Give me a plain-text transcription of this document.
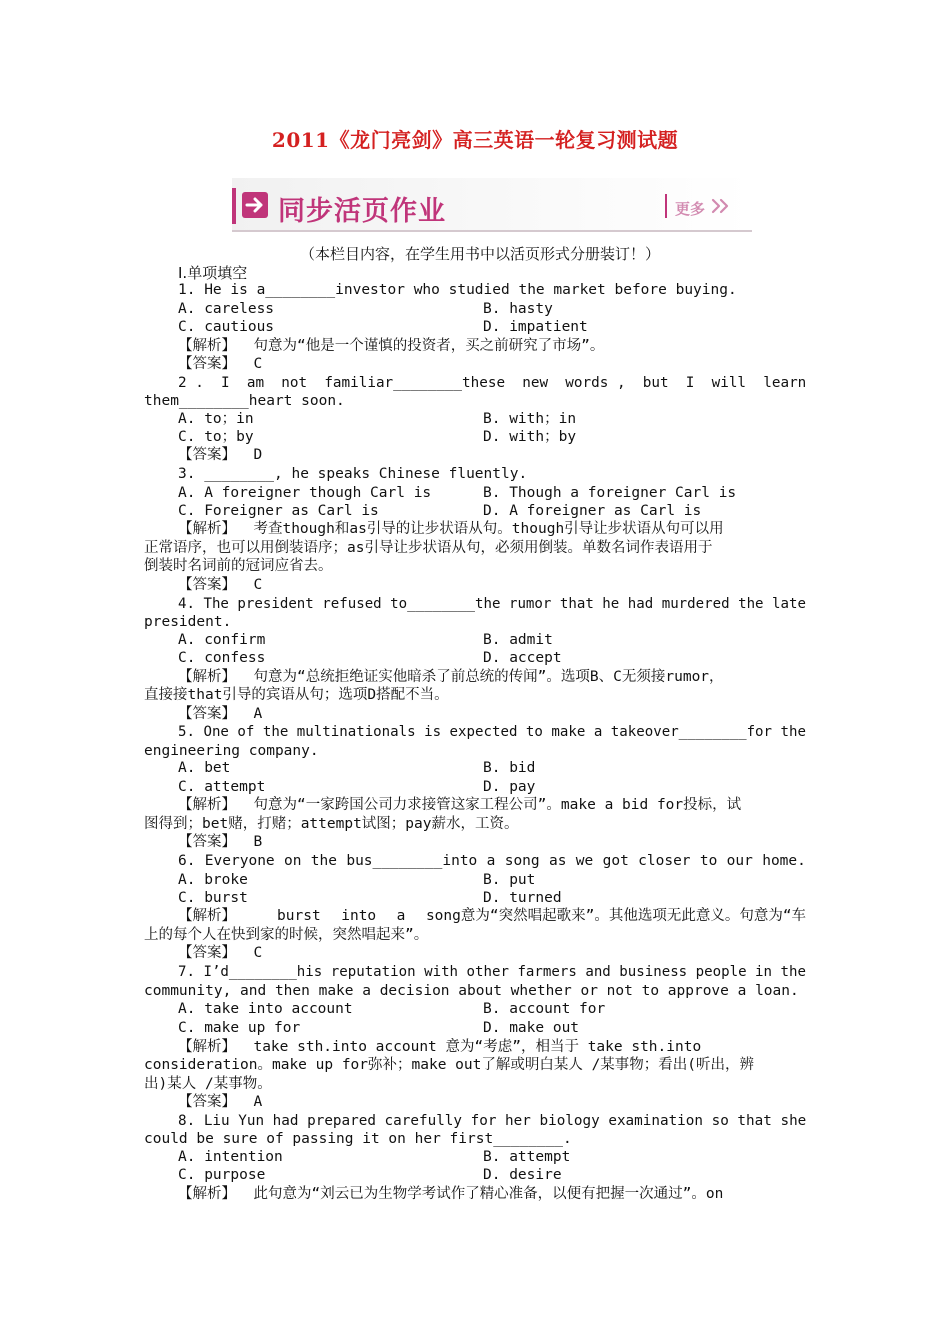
2011《龙门亮剑》高三英语一轮复习测试题
同步活页作业	更多
（本栏目内容，在学生用书中以活页形式分册装订！）
I.单项填空
1. He is a________investor who studied the market before buying.
A. careless	B. hasty
C. cautious	D. impatient
【解析】  句意为“他是一个谨慎的投资者，买之前研究了市场”。
【答案】  C
2 .  I  am  not  familiar________these  new  words ,  but  I  will  learn
them________heart soon.
A. to；in	B. with；in
C. to；by	D. with；by
【答案】  D
3. ________, he speaks Chinese fluently.
A. A foreigner though Carl is	B. Though a foreigner Carl is
C. Foreigner as Carl is	D. A foreigner as Carl is
【解析】  考查though和as引导的让步状语从句。though引导让步状语从句可以用
正常语序，也可以用倒装语序；as引导让步状语从句，必须用倒装。单数名词作表语用于
倒装时名词前的冠词应省去。
【答案】  C
4. The president refused to________the rumor that he had murdered the late
president.
A. confirm	B. admit
C. confess	D. accept
【解析】  句意为“总统拒绝证实他暗杀了前总统的传闻”。选项B、C无须接rumor，
直接接that引导的宾语从句；选项D搭配不当。
【答案】  A
5. One of the multinationals is expected to make a takeover________for the
engineering company.
A. bet	B. bid
C. attempt	D. pay
【解析】  句意为“一家跨国公司力求接管这家工程公司”。make a bid for投标，试
图得到；bet赌，打赌；attempt试图；pay薪水，工资。
【答案】  B
6. Everyone on the bus________into a song as we got closer to our home.
A. broke	B. put
C. burst	D. turned
【解析】  burst into a song意为“突然唱起歌来”。其他选项无此意义。句意为“车
上的每个人在快到家的时候，突然唱起来”。
【答案】  C
7. I’d________his reputation with other farmers and business people in the
community, and then make a decision about whether or not to approve a loan.
A. take into account	B. account for
C. make up for	D. make out
【解析】  take sth.into account 意为“考虑”，相当于 take sth.into
consideration。make up for弥补；make out了解或明白某人 /某事物；看出(听出，辨
出)某人 /某事物。
【答案】  A
8. Liu Yun had prepared carefully for her biology examination so that she
could be sure of passing it on her first________.
A. intention	B. attempt
C. purpose	D. desire
【解析】  此句意为“刘云已为生物学考试作了精心准备，以便有把握一次通过”。on
